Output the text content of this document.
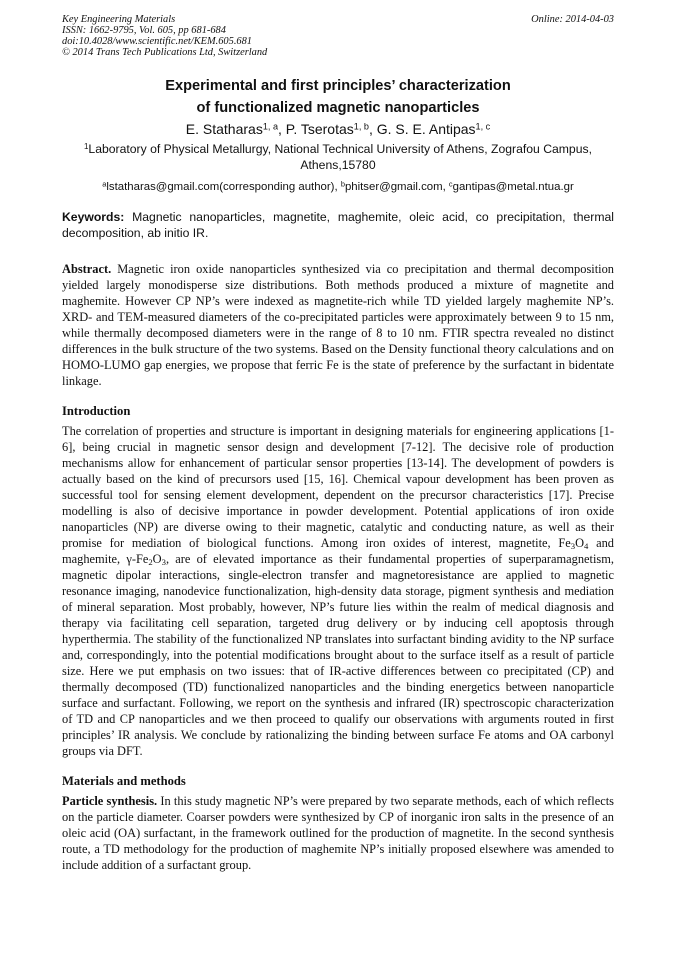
Key Engineering Materials
ISSN: 1662-9795, Vol. 605, pp 681-684
doi:10.4028/www.scientific.net/KEM.605.681
© 2014 Trans Tech Publications Ltd, Switzerland
Online: 2014-04-03
Experimental and first principles’ characterization
of functionalized magnetic nanoparticles
E. Statharas$^{1, a}$, P. Tserotas$^{1, b}$, G. S. E. Antipas$^{1, c}$
$^1$Laboratory of Physical Metallurgy, National Technical University of Athens, Zografou Campus, Athens,15780
$^a$lstatharas@gmail.com(corresponding author), $^b$phitser@gmail.com, $^c$gantipas@metal.ntua.gr
Keywords: Magnetic nanoparticles, magnetite, maghemite, oleic acid, co precipitation, thermal decomposition, ab initio IR.
Abstract. Magnetic iron oxide nanoparticles synthesized via co precipitation and thermal decomposition yielded largely monodisperse size distributions. Both methods produced a mixture of magnetite and maghemite. However CP NP’s were indexed as magnetite-rich while TD yielded largely maghemite NP’s. XRD- and TEM-measured diameters of the co-precipitated particles were approximately between 9 to 15 nm, while thermally decomposed diameters were in the range of 8 to 10 nm. FTIR spectra revealed no distinct differences in the bulk structure of the two systems. Based on the Density functional theory calculations and on HOMO-LUMO gap energies, we propose that ferric Fe is the state of preference by the surfactant in bidentate linkage.
Introduction
The correlation of properties and structure is important in designing materials for engineering applications [1-6], being crucial in magnetic sensor design and development [7-12]. The decisive role of production mechanisms allow for enhancement of particular sensor properties [13-14]. The development of powders is actually based on the kind of precursors used [15, 16]. Chemical vapour development has been proven as successful tool for sensing element development, dependent on the precursor characteristics [17]. Precise modelling is also of decisive importance in powder development. Potential applications of iron oxide nanoparticles (NP) are diverse owing to their magnetic, catalytic and conducting nature, as well as their promise for mediation of biological functions. Among iron oxides of interest, magnetite, $Fe_3O_4$ and maghemite, $\gamma-Fe_2O_3$, are of elevated importance as their fundamental properties of superparamagnetism, magnetic dipolar interactions, single-electron transfer and magnetoresistance are applied to magnetic resonance imaging, nanodevice functionalization, high-density data storage, pigment synthesis and mediation of mineral separation. Most probably, however, NP’s future lies within the realm of medical diagnosis and therapy via facilitating cell separation, targeted drug delivery or by inducing cell apoptosis through hyperthermia. The stability of the functionalized NP translates into surfactant binding avidity to the NP surface and, correspondingly, into the potential modifications brought about to the surface itself as a result of particle size. Here we put emphasis on two issues: that of IR-active differences between co precipitated (CP) and thermally decomposed (TD) functionalized nanoparticles and the binding energetics between nanoparticle surface and surfactant. Following, we report on the synthesis and infrared (IR) spectroscopic characterization of TD and CP nanoparticles and we then proceed to qualify our observations with arguments routed in first principles’ IR analysis. We conclude by rationalizing the binding between surface Fe atoms and OA carbonyl groups via DFT.
Materials and methods
Particle synthesis. In this study magnetic NP’s were prepared by two separate methods, each of which reflects on the particle diameter. Coarser powders were synthesized by CP of inorganic iron salts in the presence of an oleic acid (OA) surfactant, in the framework outlined for the production of magnetite. In the second synthesis route, a TD methodology for the production of maghemite NP’s initially proposed elsewhere was amended to include addition of a surfactant group.
